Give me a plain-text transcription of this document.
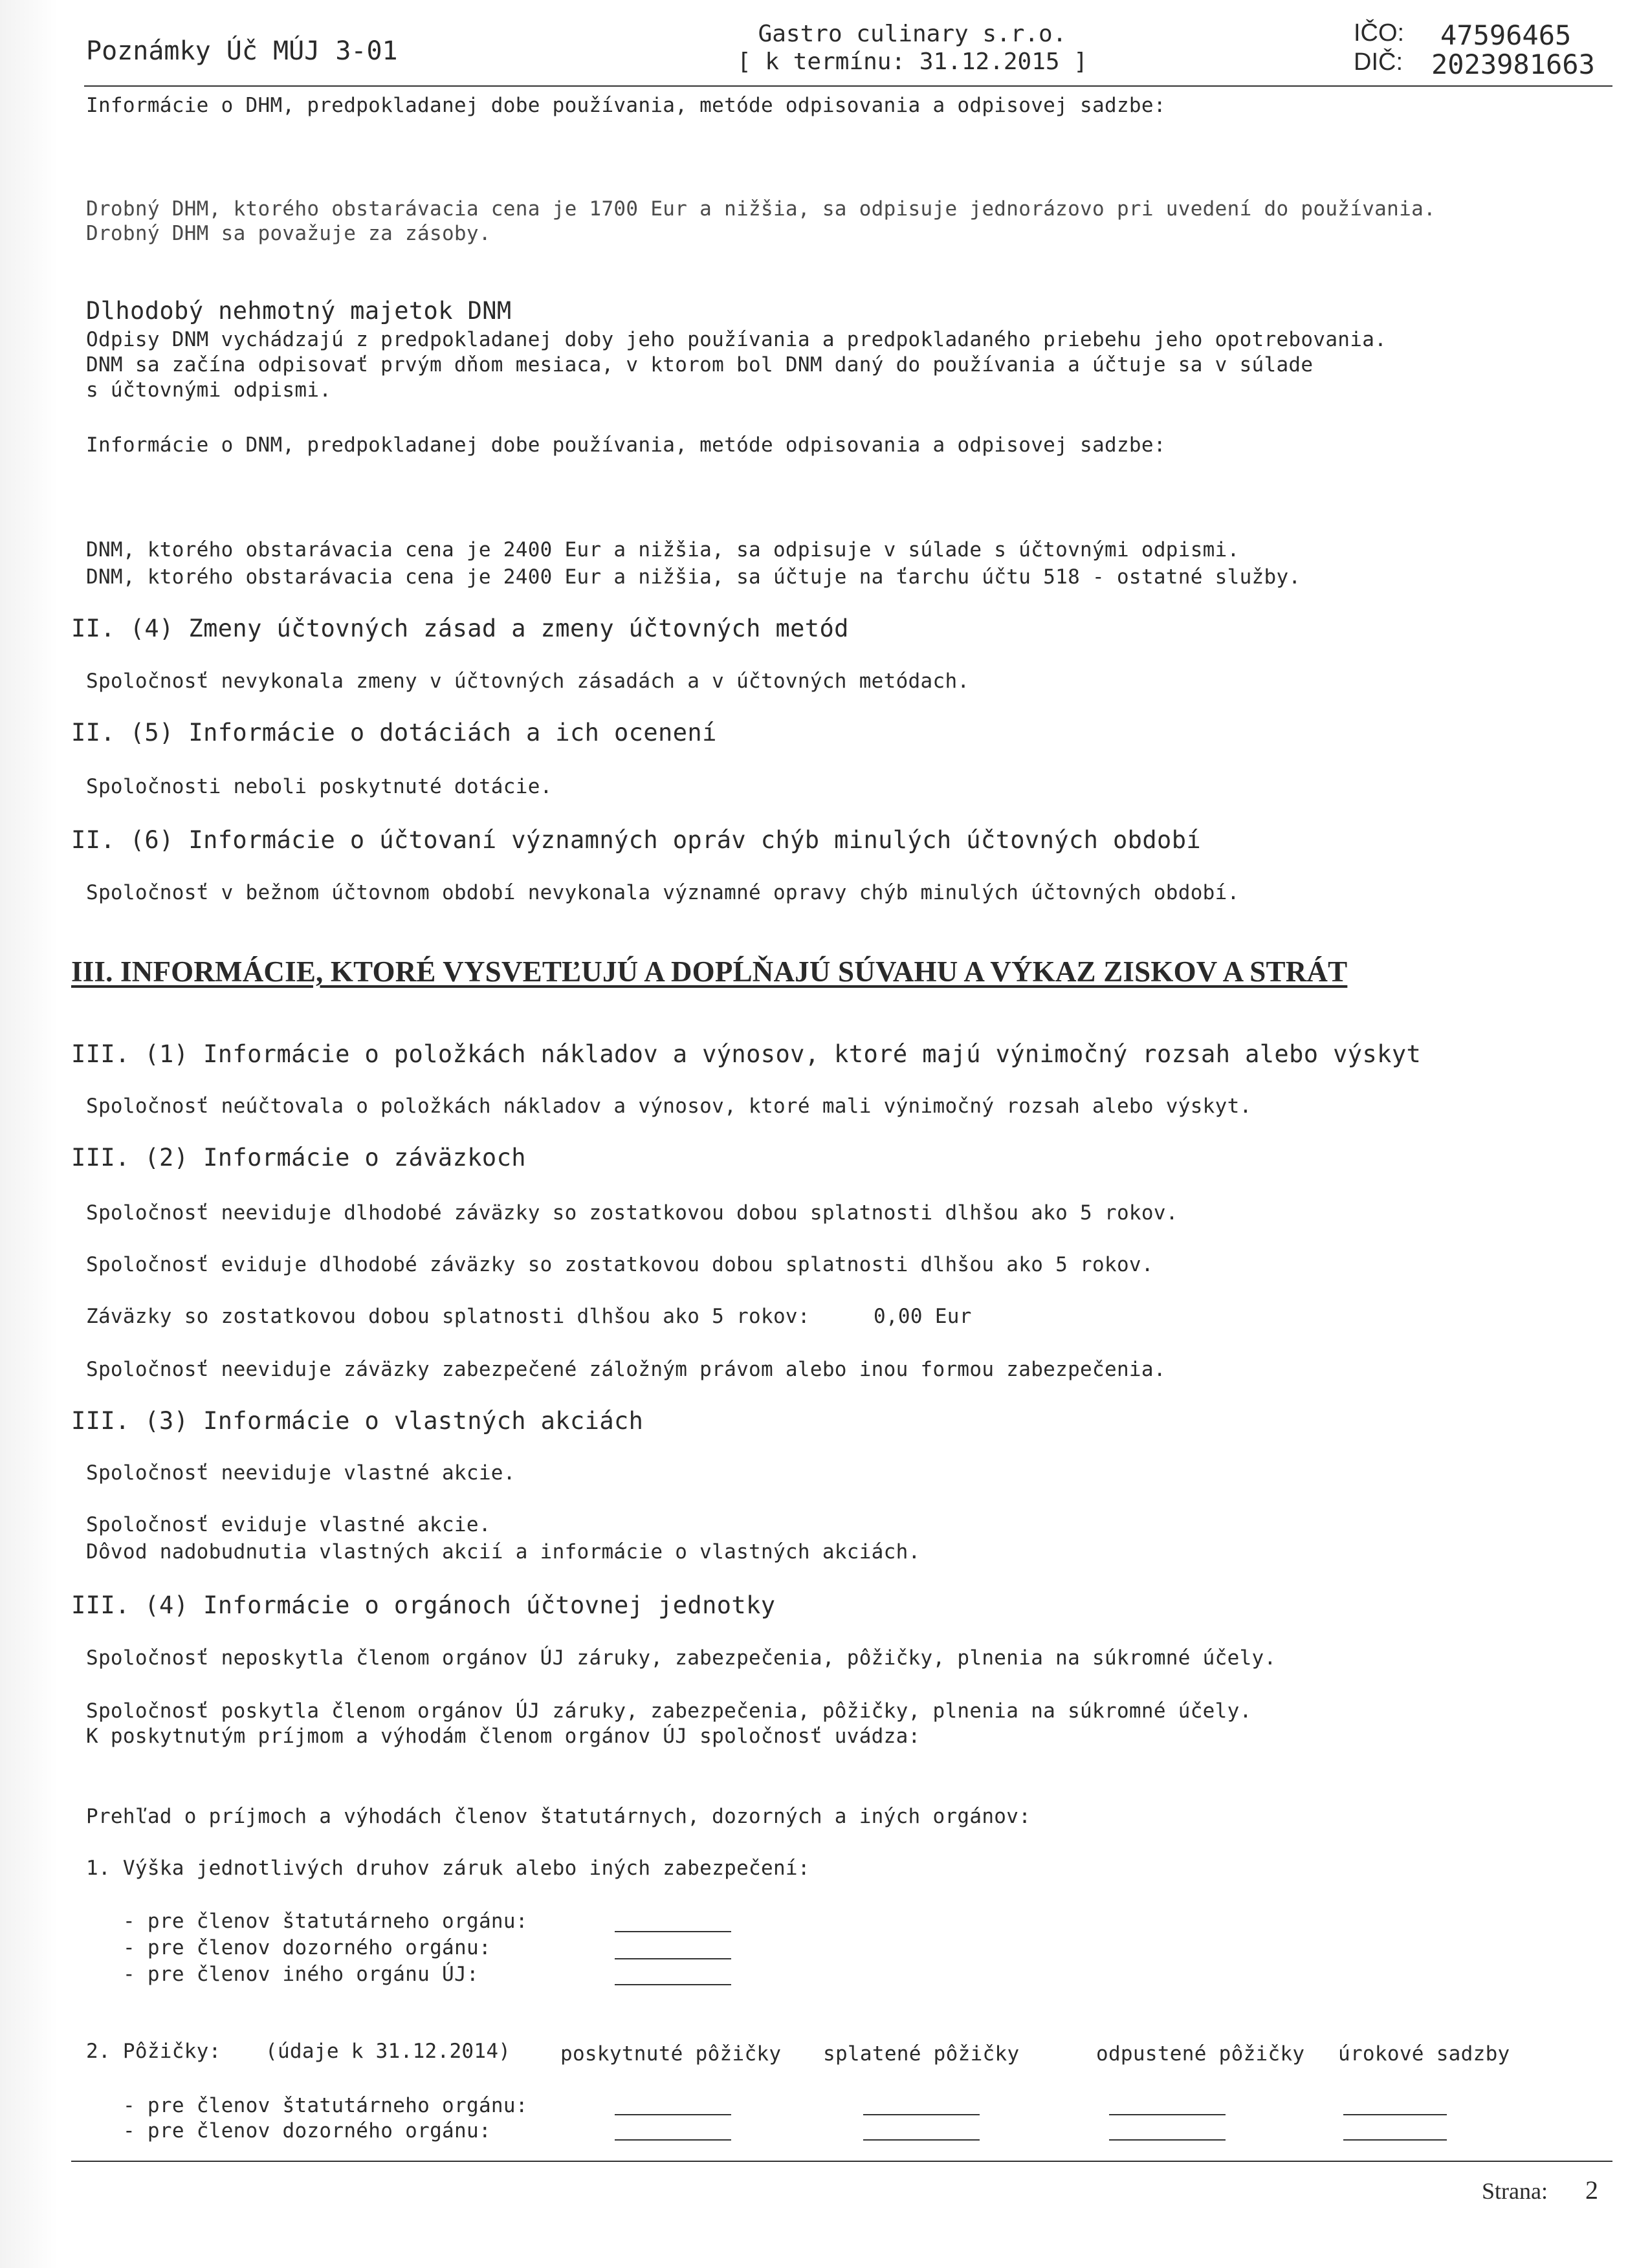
Poznámky Úč MÚJ 3-01
Gastro culinary s.r.o.
[ k termínu: 31.12.2015 ]
IČO: 47596465
DIČ: 2023981663
Informácie o DHM, predpokladanej dobe používania, metóde odpisovania a odpisovej sadzbe:
Drobný DHM, ktorého obstarávacia cena je 1700 Eur a nižšia, sa odpisuje jednorázovo pri uvedení do používania.
Drobný DHM sa považuje za zásoby.
Dlhodobý nehmotný majetok DNM
Odpisy DNM vychádzajú z predpokladanej doby jeho používania a predpokladaného priebehu jeho opotrebovania.
DNM sa začína odpisovať prvým dňom mesiaca, v ktorom bol DNM daný do používania a účtuje sa v súlade
s účtovnými odpismi.
Informácie o DNM, predpokladanej dobe používania, metóde odpisovania a odpisovej sadzbe:
DNM, ktorého obstarávacia cena je 2400 Eur a nižšia, sa odpisuje v súlade s účtovnými odpismi.
DNM, ktorého obstarávacia cena je 2400 Eur a nižšia, sa účtuje na ťarchu účtu 518 - ostatné služby.
II. (4) Zmeny účtovných zásad a zmeny účtovných metód
Spoločnosť nevykonala zmeny v účtovných zásadách a v účtovných metódach.
II. (5) Informácie o dotáciách a ich ocenení
Spoločnosti neboli poskytnuté dotácie.
II. (6) Informácie o účtovaní významných opráv chýb minulých účtovných období
Spoločnosť v bežnom účtovnom období nevykonala významné opravy chýb minulých účtovných období.
III. INFORMÁCIE, KTORÉ VYSVETĽUJÚ A DOPĹŇAJÚ SÚVAHU A VÝKAZ ZISKOV A STRÁT
III. (1) Informácie o položkách nákladov a výnosov, ktoré majú výnimočný rozsah alebo výskyt
Spoločnosť neúčtovala o položkách nákladov a výnosov, ktoré mali výnimočný rozsah alebo výskyt.
III. (2) Informácie o záväzkoch
Spoločnosť neeviduje dlhodobé záväzky so zostatkovou dobou splatnosti dlhšou ako 5 rokov.
Spoločnosť eviduje dlhodobé záväzky so zostatkovou dobou splatnosti dlhšou ako 5 rokov.
Záväzky so zostatkovou dobou splatnosti dlhšou ako 5 rokov:	0,00 Eur
Spoločnosť neeviduje záväzky zabezpečené záložným právom alebo inou formou zabezpečenia.
III. (3) Informácie o vlastných akciách
Spoločnosť neeviduje vlastné akcie.
Spoločnosť eviduje vlastné akcie.
Dôvod nadobudnutia vlastných akcií a informácie o vlastných akciách.
III. (4) Informácie o orgánoch účtovnej jednotky
Spoločnosť neposkytla členom orgánov ÚJ záruky, zabezpečenia, pôžičky, plnenia na súkromné účely.
Spoločnosť poskytla členom orgánov ÚJ záruky, zabezpečenia, pôžičky, plnenia na súkromné účely.
K poskytnutým príjmom a výhodám členom orgánov ÚJ spoločnosť uvádza:
Prehľad o príjmoch a výhodách členov štatutárnych, dozorných a iných orgánov:
1. Výška jednotlivých druhov záruk alebo iných zabezpečení:
- pre členov štatutárneho orgánu:
- pre členov dozorného orgánu:
- pre členov iného orgánu ÚJ:
2. Pôžičky: (údaje k 31.12.2014) poskytnuté pôžičky splatené pôžičky	odpustené pôžičky úrokové sadzby
- pre členov štatutárneho orgánu:
- pre členov dozorného orgánu:
Strana: 2
